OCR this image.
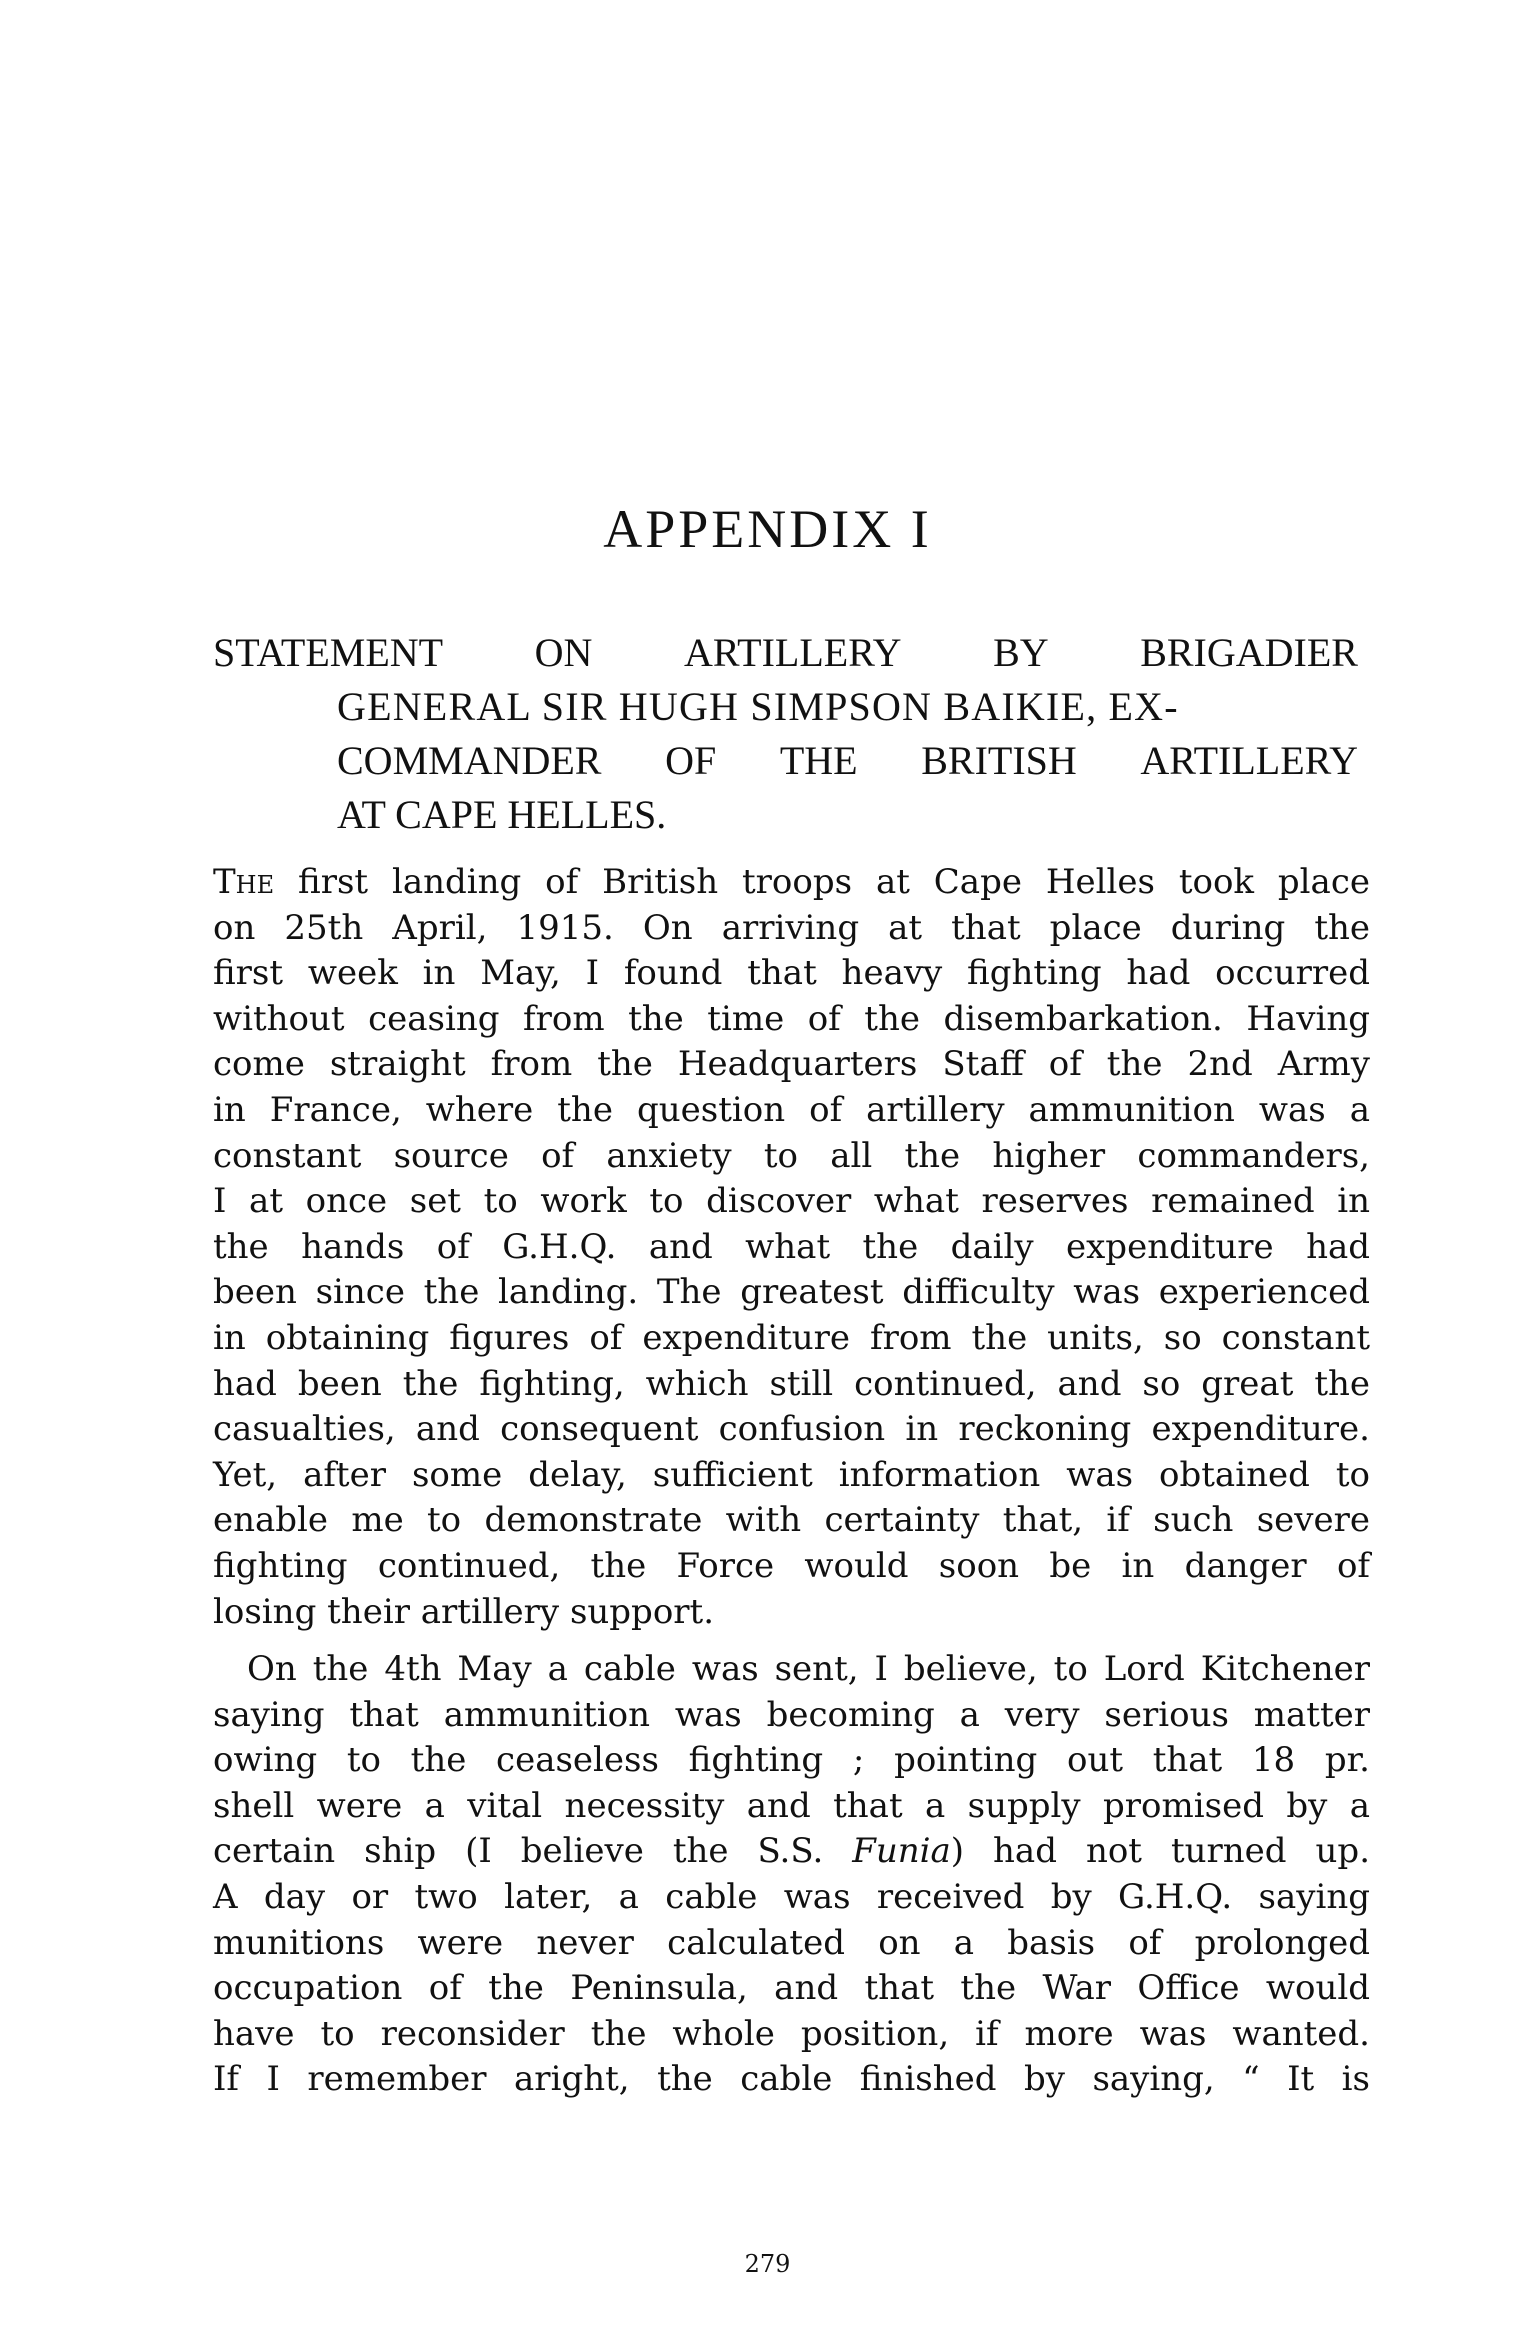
APPENDIX I
STATEMENT ON ARTILLERY BY BRIGADIER
GENERAL SIR HUGH SIMPSON BAIKIE, EX-
COMMANDER OF THE BRITISH ARTILLERY
AT CAPE HELLES.

The first landing of British troops at Cape Helles took place
on 25th April, 1915. On arriving at that place during the
first week in May, I found that heavy fighting had occurred
without ceasing from the time of the disembarkation. Having
come straight from the Headquarters Staff of the 2nd Army
in France, where the question of artillery ammunition was a
constant source of anxiety to all the higher commanders,
I at once set to work to discover what reserves remained in
the hands of G.H.Q. and what the daily expenditure had
been since the landing. The greatest difficulty was experienced
in obtaining figures of expenditure from the units, so constant
had been the fighting, which still continued, and so great the
casualties, and consequent confusion in reckoning expenditure.
Yet, after some delay, sufficient information was obtained to
enable me to demonstrate with certainty that, if such severe
fighting continued, the Force would soon be in danger of
losing their artillery support.

On the 4th May a cable was sent, I believe, to Lord Kitchener
saying that ammunition was becoming a very serious matter
owing to the ceaseless fighting ; pointing out that 18 pr.
shell were a vital necessity and that a supply promised by a
certain ship (I believe the S.S. Funia) had not turned up.
A day or two later, a cable was received by G.H.Q. saying
munitions were never calculated on a basis of prolonged
occupation of the Peninsula, and that the War Office would
have to reconsider the whole position, if more was wanted.
If I remember aright, the cable finished by saying, “ It is

279
